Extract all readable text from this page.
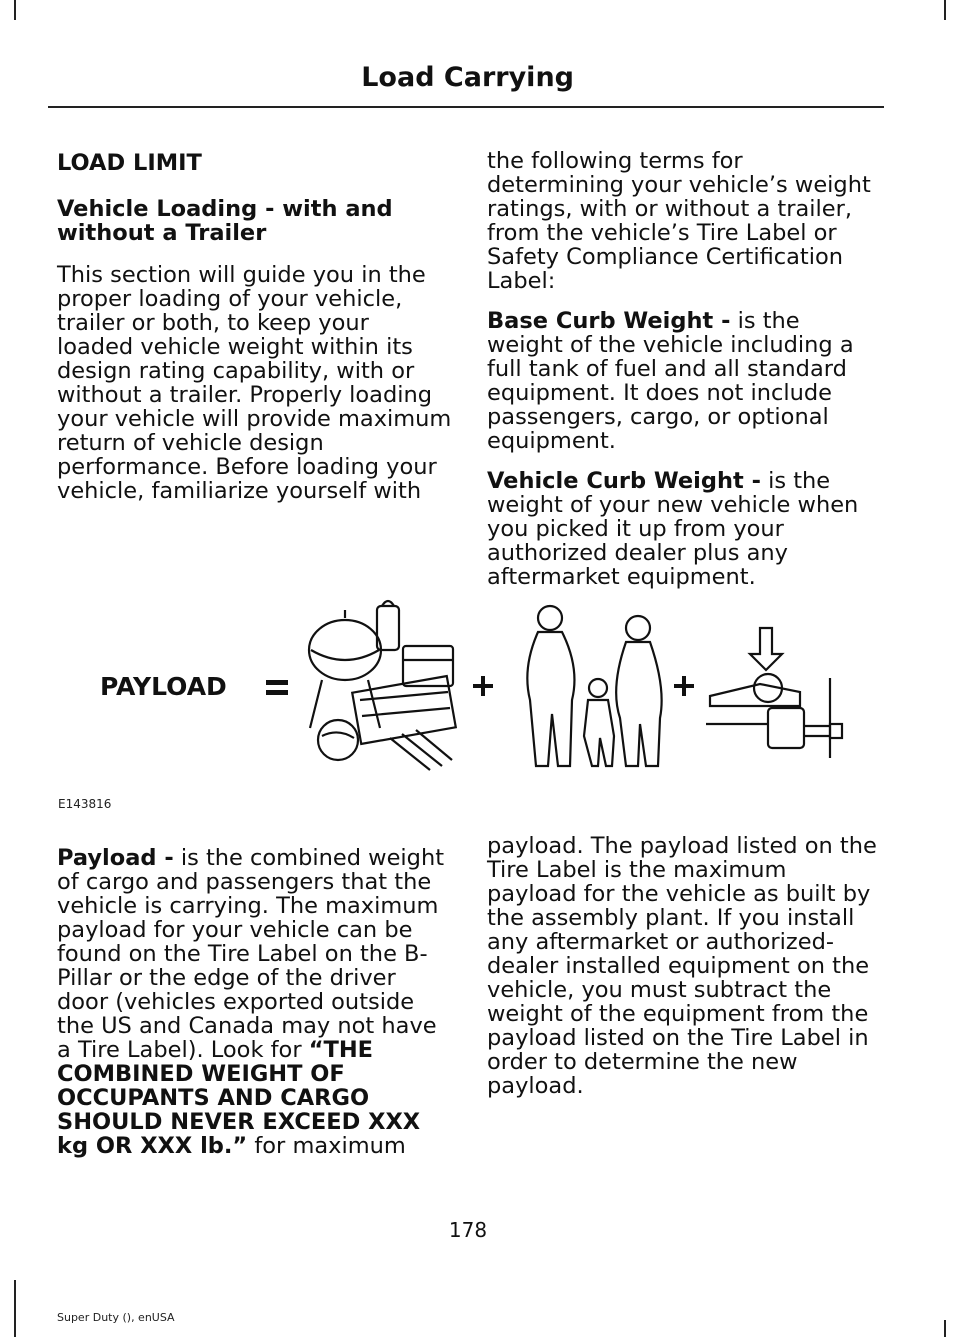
Load Carrying

LOAD LIMIT

Vehicle Loading - with and without a Trailer

This section will guide you in the proper loading of your vehicle, trailer or both, to keep your loaded vehicle weight within its design rating capability, with or without a trailer. Properly loading your vehicle will provide maximum return of vehicle design performance. Before loading your vehicle, familiarize yourself with

the following terms for determining your vehicle’s weight ratings, with or without a trailer, from the vehicle’s Tire Label or Safety Compliance Certification Label:

Base Curb Weight - is the weight of the vehicle including a full tank of fuel and all standard equipment. It does not include passengers, cargo, or optional equipment.

Vehicle Curb Weight - is the weight of your new vehicle when you picked it up from your authorized dealer plus any aftermarket equipment.

PAYLOAD
E143816

Payload - is the combined weight of cargo and passengers that the vehicle is carrying. The maximum payload for your vehicle can be found on the Tire Label on the B-Pillar or the edge of the driver door (vehicles exported outside the US and Canada may not have a Tire Label). Look for “THE COMBINED WEIGHT OF OCCUPANTS AND CARGO SHOULD NEVER EXCEED XXX kg OR XXX lb.” for maximum

payload. The payload listed on the Tire Label is the maximum payload for the vehicle as built by the assembly plant. If you install any aftermarket or authorized-dealer installed equipment on the vehicle, you must subtract the weight of the equipment from the payload listed on the Tire Label in order to determine the new payload.

178
Super Duty (), enUSA
